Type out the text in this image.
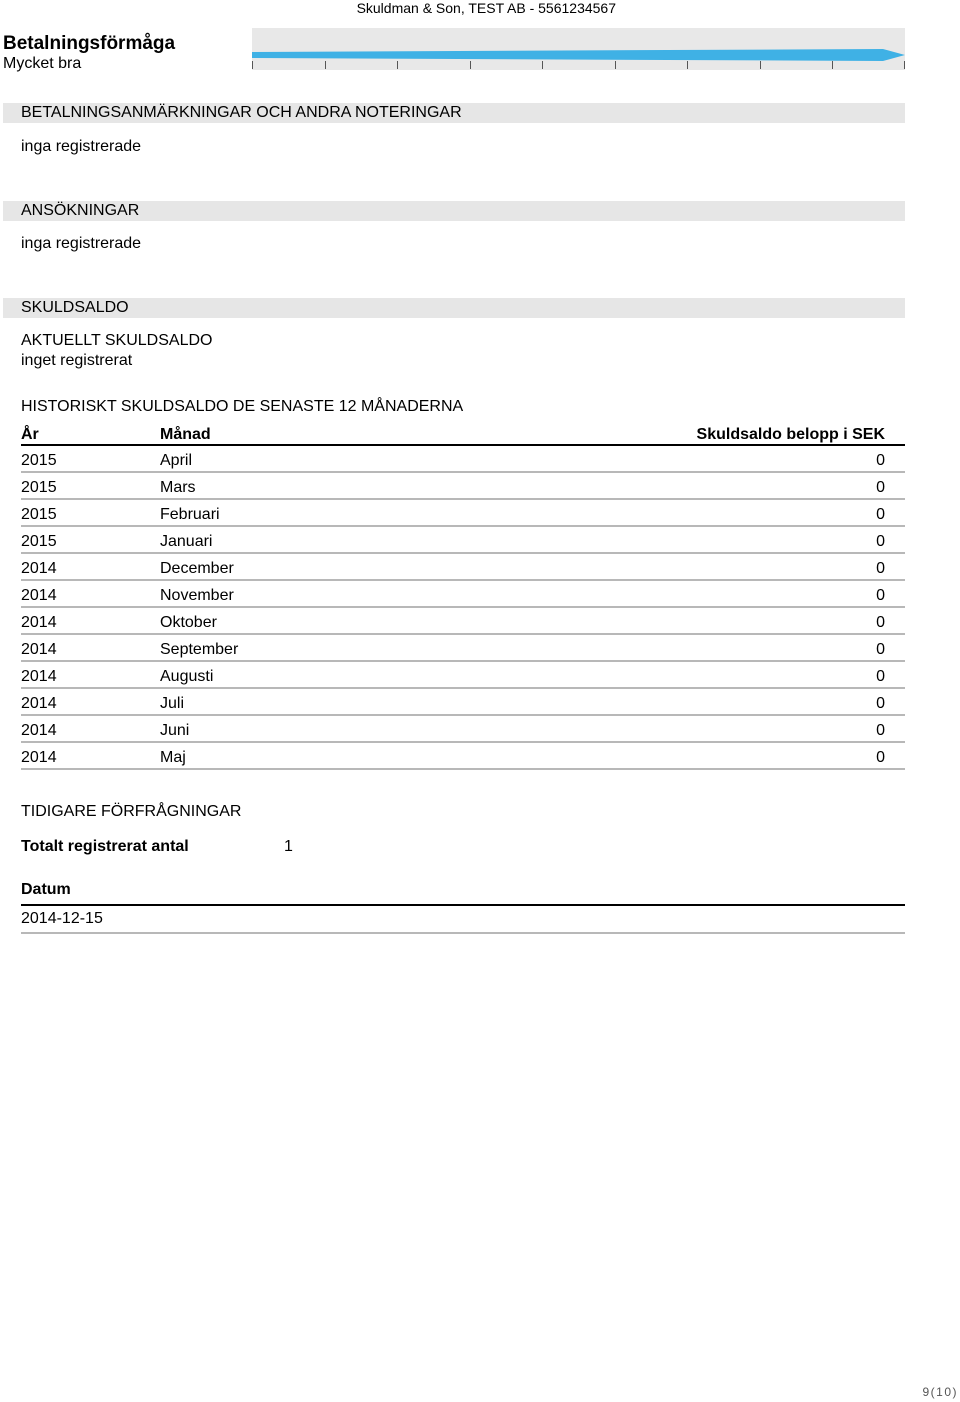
Skuldman & Son, TEST AB - 5561234567
Betalningsförmåga
Mycket bra
BETALNINGSANMÄRKNINGAR OCH ANDRA NOTERINGAR
inga registrerade
ANSÖKNINGAR
inga registrerade
SKULDSALDO
AKTUELLT SKULDSALDO
inget registrerat
HISTORISKT SKULDSALDO DE SENASTE 12 MÅNADERNA
År	Månad	Skuldsaldo belopp i SEK
2015	April	0
2015	Mars	0
2015	Februari	0
2015	Januari	0
2014	December	0
2014	November	0
2014	Oktober	0
2014	September	0
2014	Augusti	0
2014	Juli	0
2014	Juni	0
2014	Maj	0
TIDIGARE FÖRFRÅGNINGAR
Totalt registrerat antal	1
Datum
2014-12-15
9(10)
